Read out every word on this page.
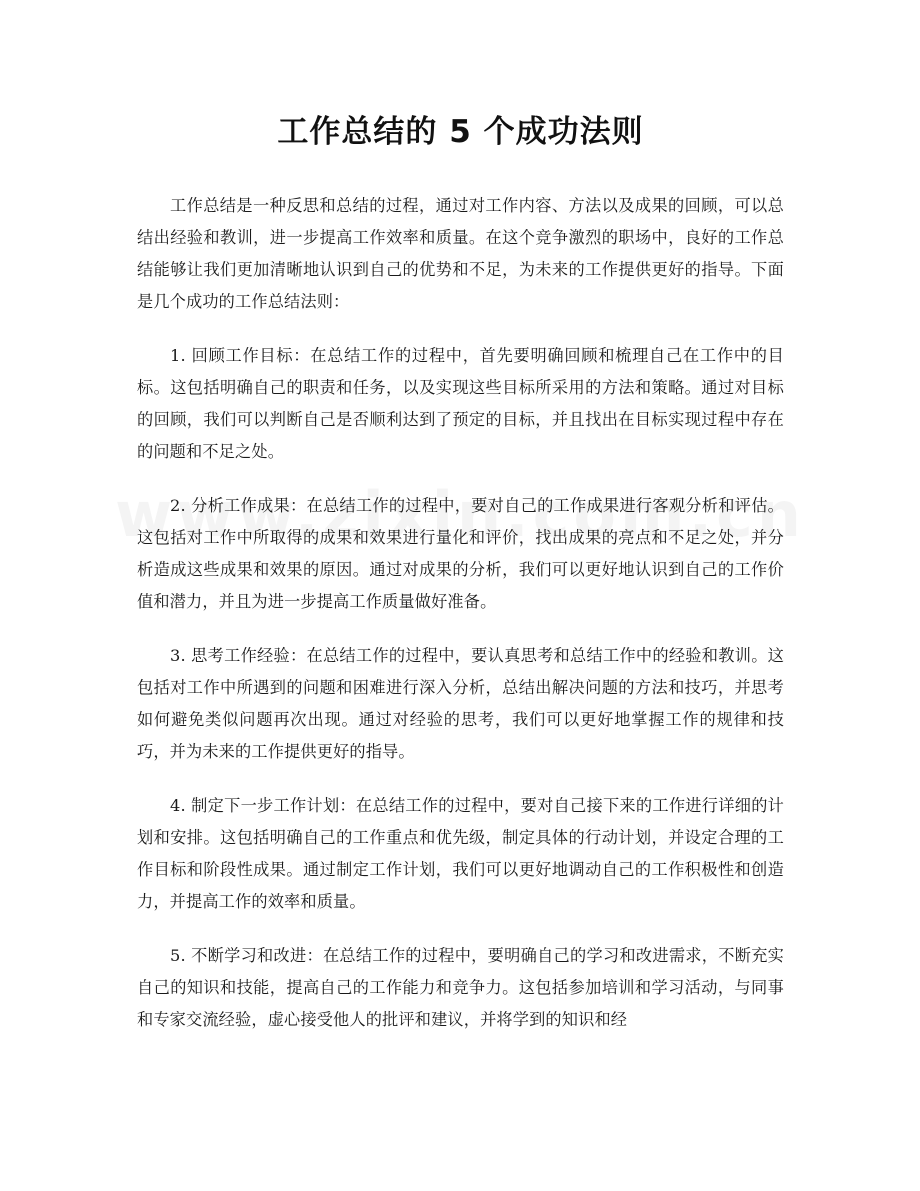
工作总结的 5 个成功法则

工作总结是一种反思和总结的过程，通过对工作内容、方法以及成果的回顾，可以总结出经验和教训，进一步提高工作效率和质量。在这个竞争激烈的职场中，良好的工作总结能够让我们更加清晰地认识到自己的优势和不足，为未来的工作提供更好的指导。下面是几个成功的工作总结法则：

1. 回顾工作目标：在总结工作的过程中，首先要明确回顾和梳理自己在工作中的目标。这包括明确自己的职责和任务，以及实现这些目标所采用的方法和策略。通过对目标的回顾，我们可以判断自己是否顺利达到了预定的目标，并且找出在目标实现过程中存在的问题和不足之处。

2. 分析工作成果：在总结工作的过程中，要对自己的工作成果进行客观分析和评估。这包括对工作中所取得的成果和效果进行量化和评价，找出成果的亮点和不足之处，并分析造成这些成果和效果的原因。通过对成果的分析，我们可以更好地认识到自己的工作价值和潜力，并且为进一步提高工作质量做好准备。

3. 思考工作经验：在总结工作的过程中，要认真思考和总结工作中的经验和教训。这包括对工作中所遇到的问题和困难进行深入分析，总结出解决问题的方法和技巧，并思考如何避免类似问题再次出现。通过对经验的思考，我们可以更好地掌握工作的规律和技巧，并为未来的工作提供更好的指导。

4. 制定下一步工作计划：在总结工作的过程中，要对自己接下来的工作进行详细的计划和安排。这包括明确自己的工作重点和优先级，制定具体的行动计划，并设定合理的工作目标和阶段性成果。通过制定工作计划，我们可以更好地调动自己的工作积极性和创造力，并提高工作的效率和质量。

5. 不断学习和改进：在总结工作的过程中，要明确自己的学习和改进需求，不断充实自己的知识和技能，提高自己的工作能力和竞争力。这包括参加培训和学习活动，与同事和专家交流经验，虚心接受他人的批评和建议，并将学到的知识和经
